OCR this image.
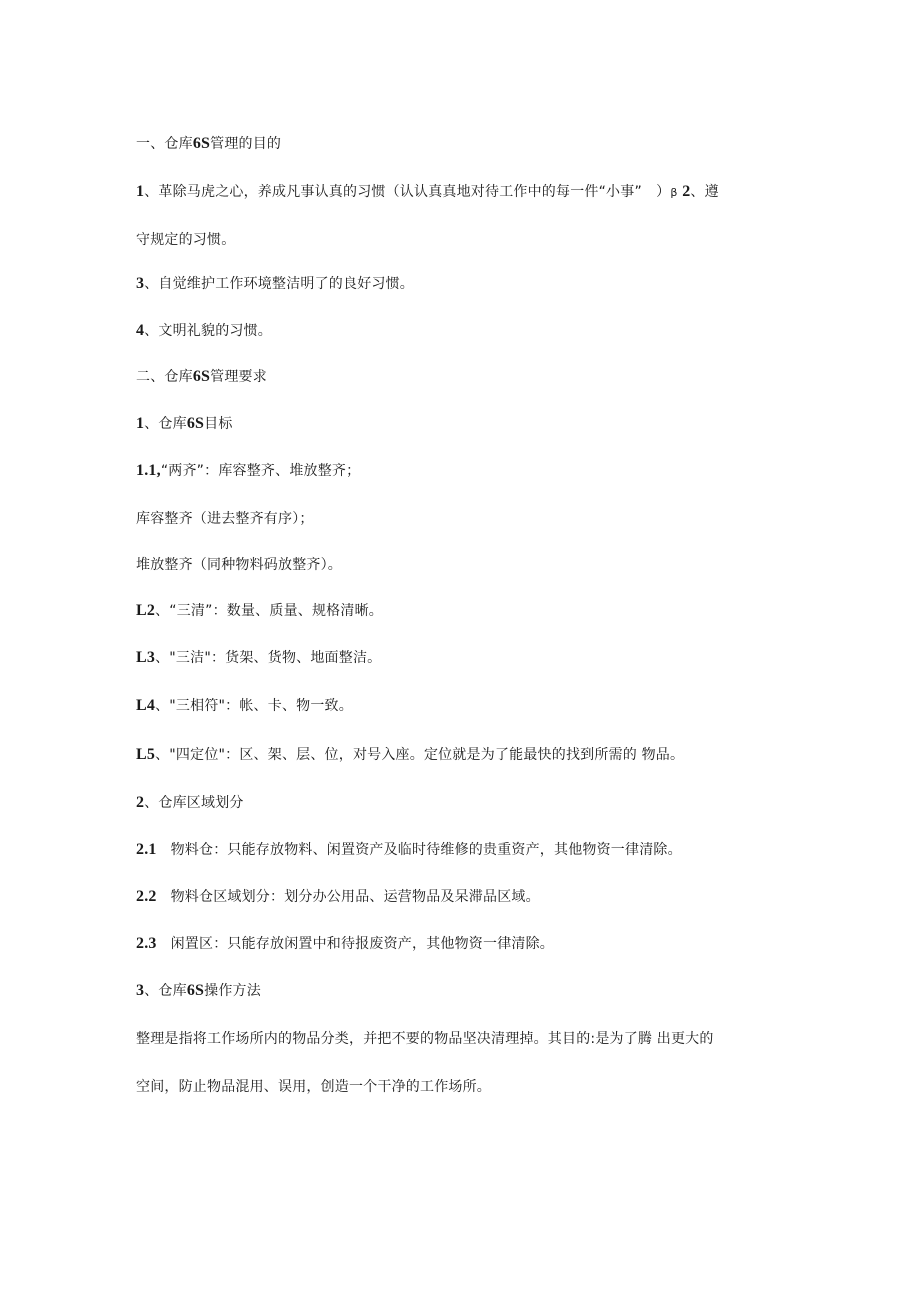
一、仓库6S管理的目的
1、革除马虎之心，养成凡事认真的习惯（认认真真地对待工作中的每一件“小事”　）β 2、遵
守规定的习惯。
3、自觉维护工作环境整洁明了的良好习惯。
4、文明礼貌的习惯。
二、仓库6S管理要求
1、仓库6S目标
1.1,“两齐”：库容整齐、堆放整齐；
库容整齐（进去整齐有序）；
堆放整齐（同种物料码放整齐）。
L2、“三清”：数量、质量、规格清晰。
L3、"三洁"：货架、货物、地面整洁。
L4、"三相符"：帐、卡、物一致。
L5、"四定位"：区、架、层、位，对号入座。定位就是为了能最快的找到所需的 物品。
2、仓库区域划分
2.1 物料仓：只能存放物料、闲置资产及临时待维修的贵重资产，其他物资一律清除。
2.2 物料仓区域划分：划分办公用品、运营物品及呆滞品区域。
2.3 闲置区：只能存放闲置中和待报废资产，其他物资一律清除。
3、仓库6S操作方法
整理是指将工作场所内的物品分类，并把不要的物品坚决清理掉。其目的:是为了腾 出更大的
空间，防止物品混用、误用，创造一个干净的工作场所。
